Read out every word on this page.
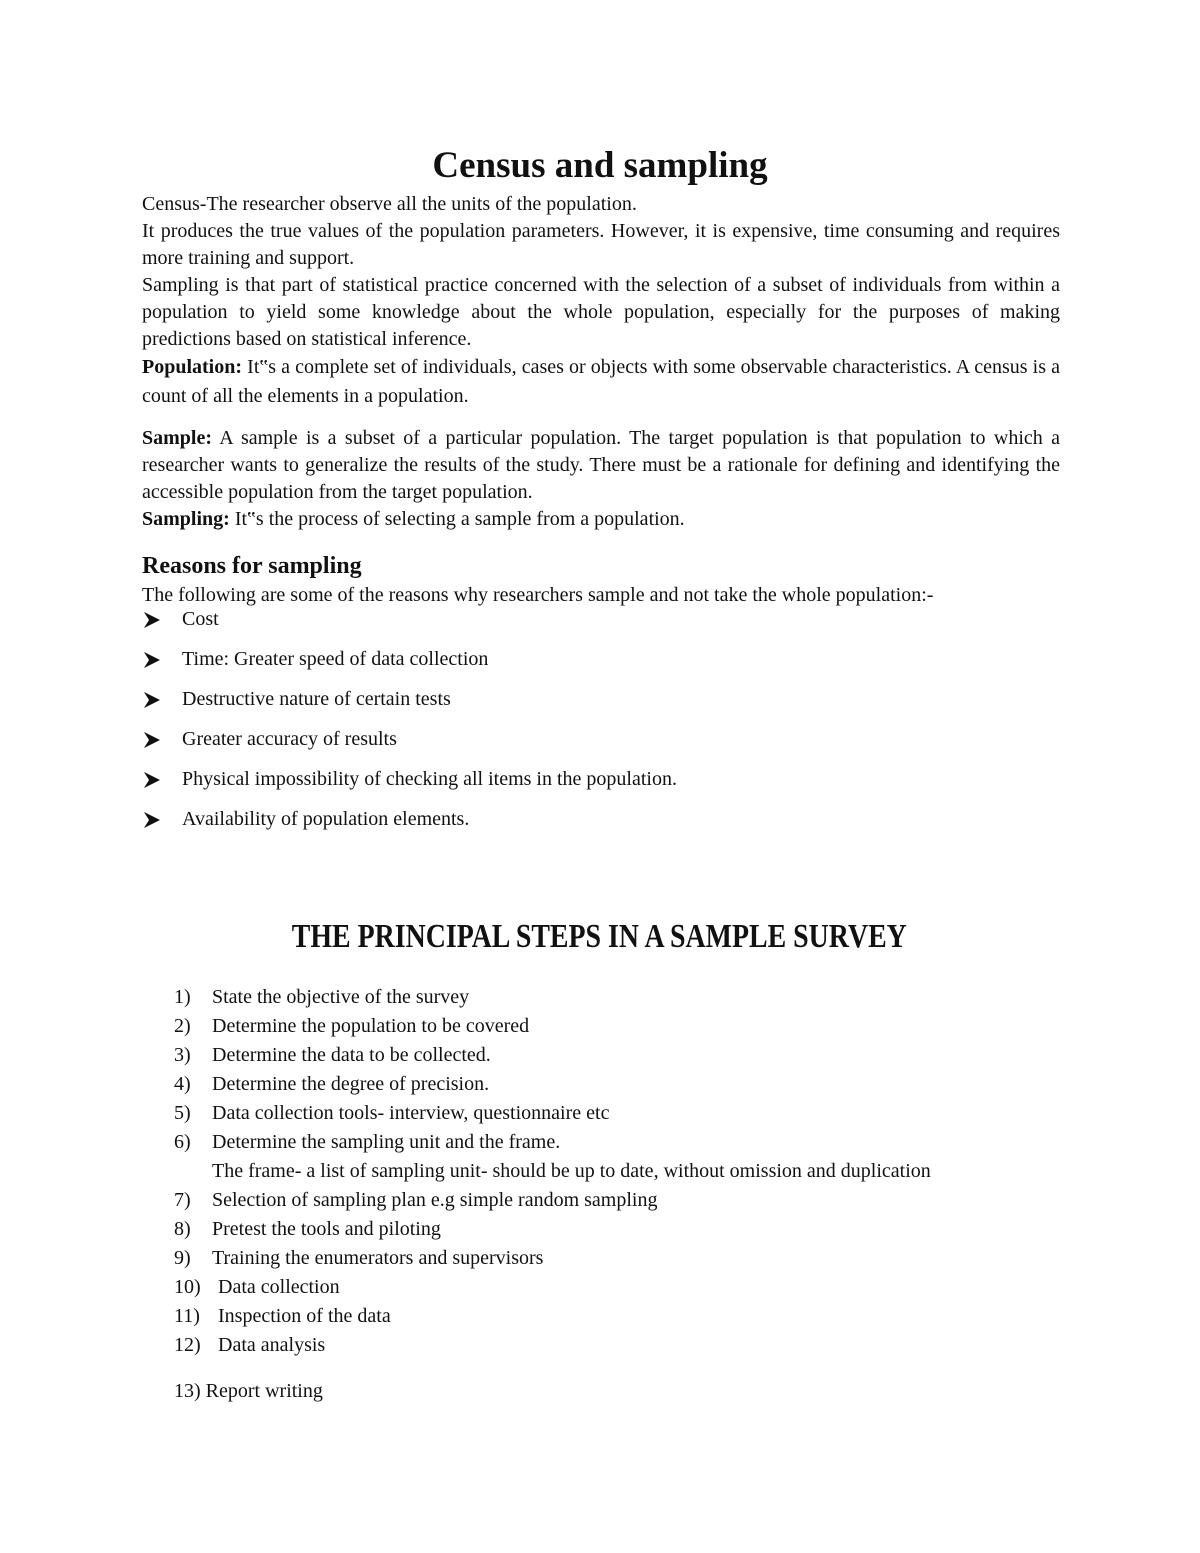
Census and sampling

Census-The researcher observe all the units of the population.

It produces the true values of the population parameters. However, it is expensive, time consuming and requires more training and support.

Sampling is that part of statistical practice concerned with the selection of a subset of individuals from within a population to yield some knowledge about the whole population, especially for the purposes of making predictions based on statistical inference.

Population: It‟s a complete set of individuals, cases or objects with some observable characteristics. A census is a count of all the elements in a population.

Sample: A sample is a subset of a particular population. The target population is that population to which a researcher wants to generalize the results of the study. There must be a rationale for defining and identifying the accessible population from the target population.

Sampling: It‟s the process of selecting a sample from a population.

Reasons for sampling

The following are some of the reasons why researchers sample and not take the whole population:-

Cost
Time: Greater speed of data collection
Destructive nature of certain tests
Greater accuracy of results
Physical impossibility of checking all items in the population.
Availability of population elements.
THE PRINCIPAL STEPS IN A SAMPLE SURVEY
1) State the objective of the survey
2) Determine the population to be covered
3) Determine the data to be collected.
4) Determine the degree of precision.
5) Data collection tools- interview, questionnaire etc
6) Determine the sampling unit and the frame.
The frame- a list of sampling unit- should be up to date, without omission and duplication
7) Selection of sampling plan e.g simple random sampling
8) Pretest the tools and piloting
9) Training the enumerators and supervisors
10) Data collection
11) Inspection of the data
12) Data analysis

13) Report writing
